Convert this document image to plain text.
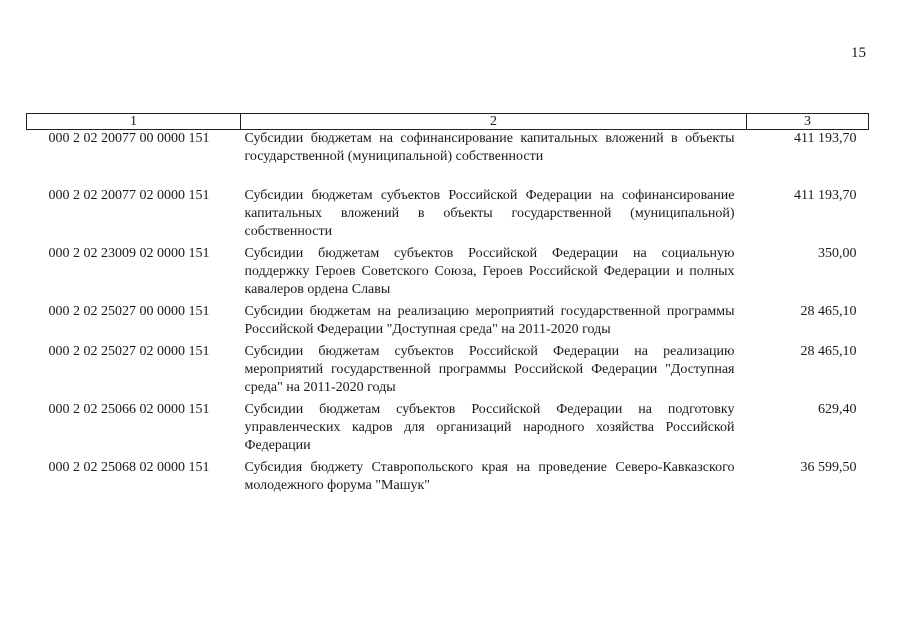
15
1	2	3
000 2 02 20077 00 0000 151	Субсидии бюджетам на софинансирование капитальных вложений в объекты государственной (муниципальной) собственности	411 193,70
000 2 02 20077 02 0000 151	Субсидии бюджетам субъектов Российской Федерации на софинансирование капитальных вложений в объекты государственной (муниципальной) собственности	411 193,70
000 2 02 23009 02 0000 151	Субсидии бюджетам субъектов Российской Федерации на социальную поддержку Героев Советского Союза, Героев Российской Федерации и полных кавалеров ордена Славы	350,00
000 2 02 25027 00 0000 151	Субсидии бюджетам на реализацию мероприятий государственной программы Российской Федерации "Доступная среда" на 2011-2020 годы	28 465,10
000 2 02 25027 02 0000 151	Субсидии бюджетам субъектов Российской Федерации на реализацию мероприятий государственной программы Российской Федерации "Доступная среда" на 2011-2020 годы	28 465,10
000 2 02 25066 02 0000 151	Субсидии бюджетам субъектов Российской Федерации на подготовку управленческих кадров для организаций народного хозяйства Российской Федерации	629,40
000 2 02 25068 02 0000 151	Субсидия бюджету Ставропольского края на проведение Северо-Кавказского молодежного форума "Машук"	36 599,50
